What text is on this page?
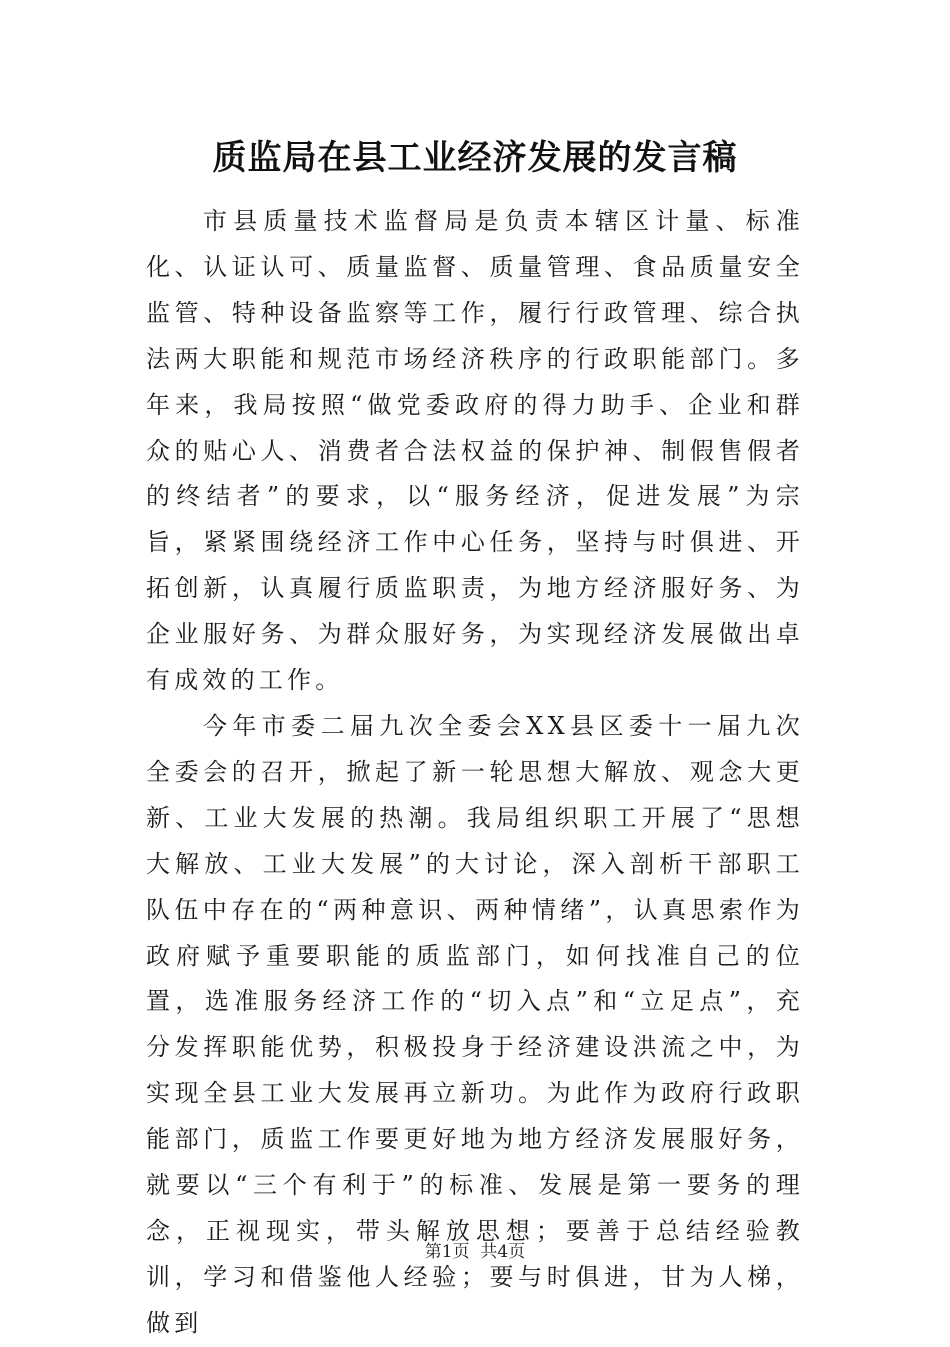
质监局在县工业经济发展的发言稿

市县质量技术监督局是负责本辖区计量、标准化、认证认可、质量监督、质量管理、食品质量安全监管、特种设备监察等工作，履行行政管理、综合执法两大职能和规范市场经济秩序的行政职能部门。多年来，我局按照“做党委政府的得力助手、企业和群众的贴心人、消费者合法权益的保护神、制假售假者的终结者”的要求，以“服务经济，促进发展”为宗旨，紧紧围绕经济工作中心任务，坚持与时俱进、开拓创新，认真履行质监职责，为地方经济服好务、为企业服好务、为群众服好务，为实现经济发展做出卓有成效的工作。

今年市委二届九次全委会XX县区委十一届九次全委会的召开，掀起了新一轮思想大解放、观念大更新、工业大发展的热潮。我局组织职工开展了“思想大解放、工业大发展”的大讨论，深入剖析干部职工队伍中存在的“两种意识、两种情绪”，认真思索作为政府赋予重要职能的质监部门，如何找准自己的位置，选准服务经济工作的“切入点”和“立足点”，充分发挥职能优势，积极投身于经济建设洪流之中，为实现全县工业大发展再立新功。为此作为政府行政职能部门，质监工作要更好地为地方经济发展服好务，就要以“三个有利于”的标准、发展是第一要务的理念，正视现实，带头解放思想；要善于总结经验教训，学习和借鉴他人经验；要与时俱进，甘为人梯，做到

第1页 共4页
